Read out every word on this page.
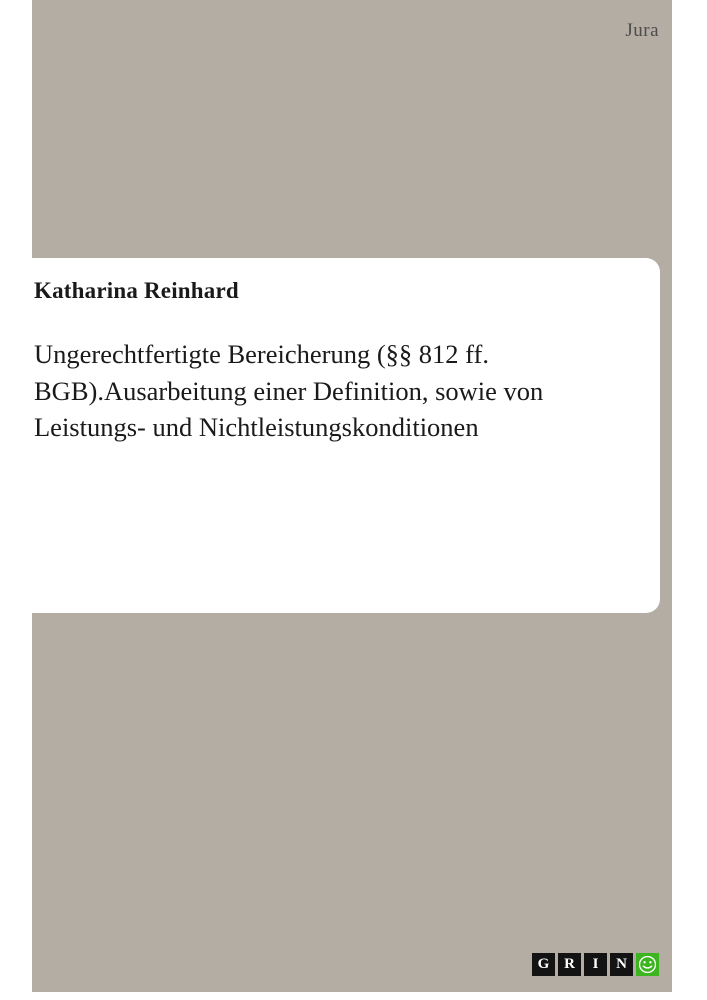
Jura
Katharina Reinhard
Ungerechtfertigte Bereicherung (§§ 812 ff. BGB).Ausarbeitung einer Definition, sowie von Leistungs- und Nichtleistungskonditionen
G R	I	N
